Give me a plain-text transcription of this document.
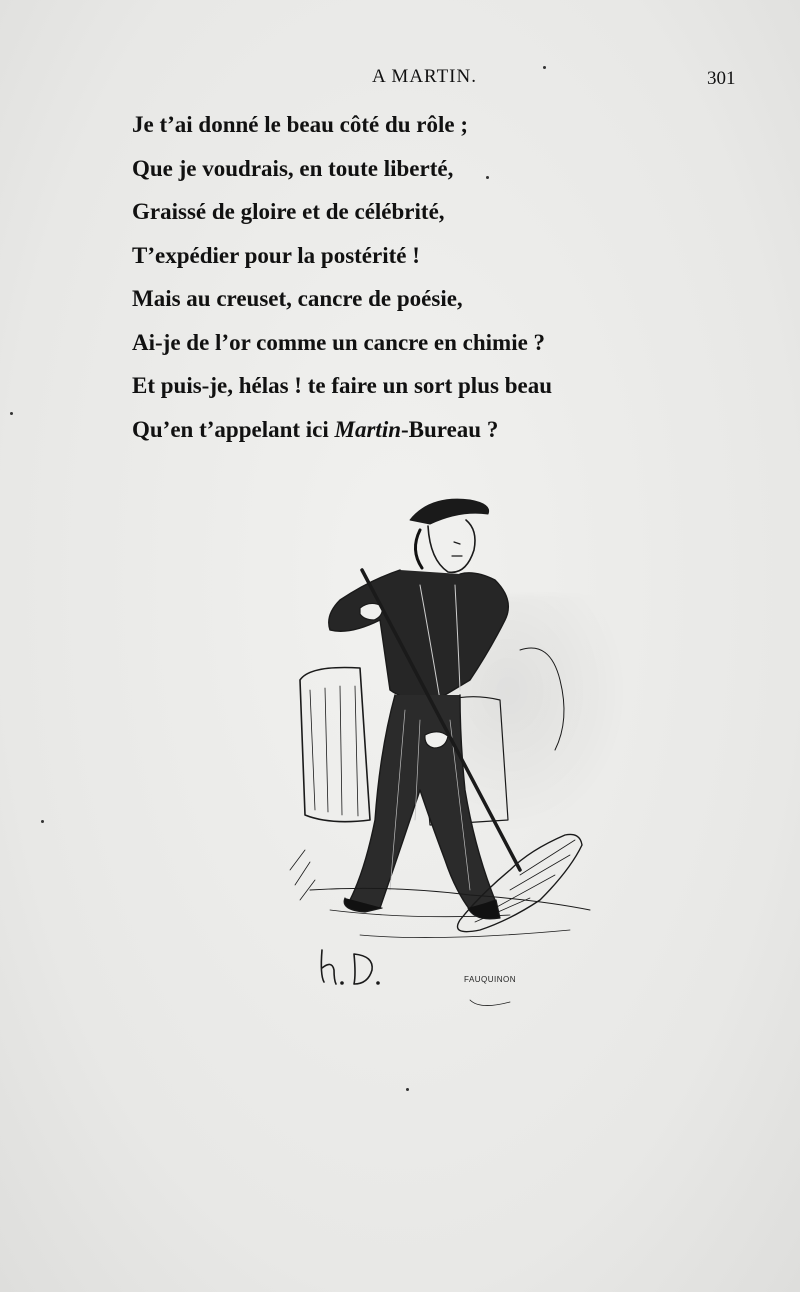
A MARTIN.	301
Je t’ai donné le beau côté du rôle ;
Que je voudrais, en toute liberté,
Graissé de gloire et de célébrité,
T’expédier pour la postérité !
Mais au creuset, cancre de poésie,
Ai-je de l’or comme un cancre en chimie ?
Et puis-je, hélas ! te faire un sort plus beau
Qu’en t’appelant ici Martin-Bureau ?
FAUQUINON
